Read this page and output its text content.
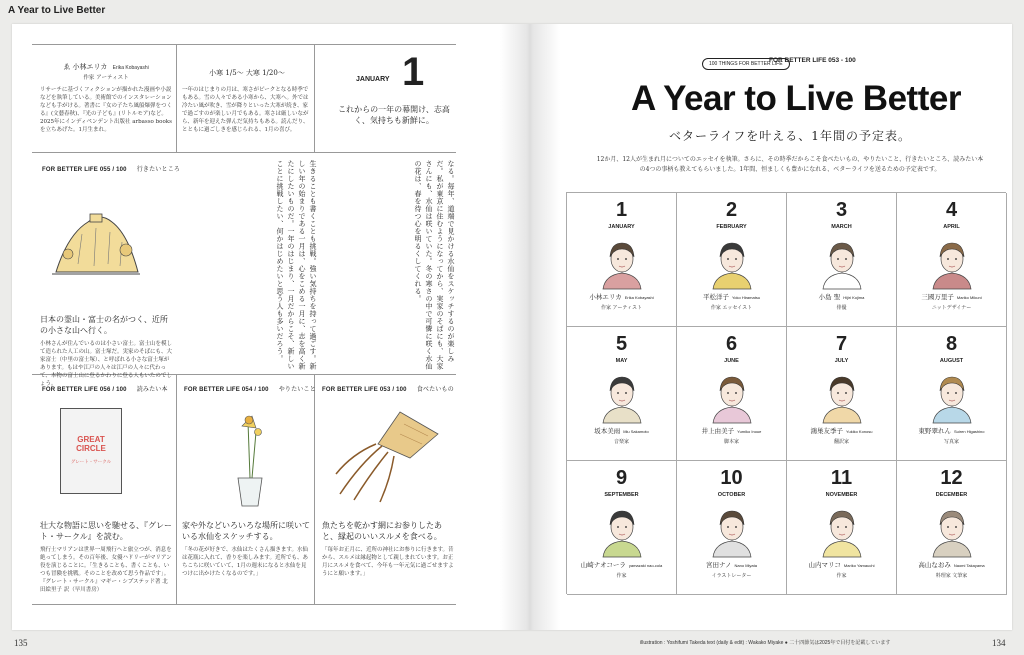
A Year to Live Better
ゑ 小林エリカ Erika Kobayashi
作家 アーティスト
リサーチに基づくフィクションが描かれた漫画や小説などを執筆している。美術館でのインスタレーションなども手がける。著書に『女の子たち風船爆弾をつくる』(文藝春秋)、『光の子ども』(リトルモア)など。2025年にインディペンデント出版社 arbasso books を立ちあげた。1月生まれ。
小寒 1/5〜 大寒 1/20〜
一年のはじまりの月は、寒さがピークとなる時季でもある。雪の人々である小寒から、大寒へ。外では冷たい風が吹き、雪が降りといった大寒が続き、家で過ごすのが楽しい月でもある。寒さは厳しいながら、新年を迎えた弾んだ気持ちもある。読んだり、とともに過ごしきを感じられる、1月の喜び。
JANUARY 1
これからの一年の幕開け、志高く、気持ちも新鮮に。
FOR BETTER LIFE 055 / 100 行きたいところ
日本の霊山・富士の名がつく、近所の小さな山へ行く。
小林さんが住んでいるのは小さい富士。富士山を模して造られた人工の山。富士塚だ。実家のそばにも、大家富士（中里の富士塚）、と呼ばれる小さな富士塚があります。もはや江戸の人々は江戸の人々に代わって、本物の富士山に登るかわりに登る人もいたのでしょう。
生きることも書くことも挑戦。強い気持ちを持って過ごす。新しい年の始まりである一月は、心をこめる一月に、志を高く新たにしたいものだ。一年のはじまり、一月だからこそ、新しいことに挑戦したい、何かはじめたいと思う人も多いだろう。	なる。毎年、道端で見かける水仙をスケッチするのが楽しみだ。私が東京に住むようになってから、実家のそばにも、大家さんにも、水仙は咲いていた。冬の寒さの中で可憐に咲く水仙の花は、春を待つ心を明るくしてくれる。
FOR BETTER LIFE 056 / 100 読みたい本
GREAT CIRCLE
グレート・サークル
壮大な物語に思いを馳せる、『グレート・サークル』を読む。
飛行士マリアンは世界一周飛行へと旅立つが、消息を絶ってしまう。その百年後、女優ハドリーがマリアン役を演じることに。「生きることも、書くことも、いつも冒険を挑戦。そのことを改めて思う作品です」。『グレート・サークル』マギー・シプステッド著 北田絵里子 訳（早川書房）
FOR BETTER LIFE 054 / 100 やりたいこと
家や外などいろいろな場所に咲いている水仙をスケッチする。
「冬の花が好きで、水仙はたくさん描きます。水仙は花瓶に入れて、香りを楽しみます。近所でも、あちこちに咲いていて、1月の週末になると水仙を見つけに出かけたくなるのです。」
FOR BETTER LIFE 053 / 100 食べたいもの
魚たちを乾かす網にお参りしたあと、縁起のいいスルメを食べる。
「毎年お正月に、近所の神社にお参りに行きます。昔から、スルメは縁起物として親しまれています。お正月にスルメを食べて、今年も一年元気に過ごせますようにと願います。」
100 THINGS FOR BETTER LIFE
FOR BETTER LIFE 053 - 100
A Year to Live Better
ベターライフを叶える、1年間の予定表。
12か月、12人が生まれ月についてのエッセイを執筆。さらに、その時季だからこそ食べたいもの、やりたいこと、行きたいところ、読みたい本の4つの事柄も教えてもらいました。1年間、恒ましくも豊かになれる、ベターライフを送るための予定表です。
1
JANUARY
小林エリカ Erika Kobayashi
作家 アーティスト
2
FEBRUARY
平松洋子 Yoko Hiramatsu
作家 エッセイスト
3
MARCH
小島 聖 Hijiri Kojima
俳優
4
APRIL
三國万里子 Mariko Mikuni
ニットデザイナー
5
MAY
坂本美雨 Miu Sakamoto
音楽家
6
JUNE
井上由美子 Yumiko Inoue
脚本家
7
JULY
鴻巣友季子 Yukiko Konosu
翻訳家
8
AUGUST
東野翠れん Suiren Higashino
写真家
9
SEPTEMBER
山崎ナオコーラ yamazaki nao-cola
作家
10
OCTOBER
宮田ナノ Nano Miyata
イラストレーター
11
NOVEMBER
山内マリコ Mariko Yamauchi
作家
12
DECEMBER
高山なおみ Naomi Takayama
料理家 文筆家
135	134
illustration : Yoshifumi Takeda text (daily & edit) : Wakako Miyake ● 二十四節気は2025年で目付を記載しています
